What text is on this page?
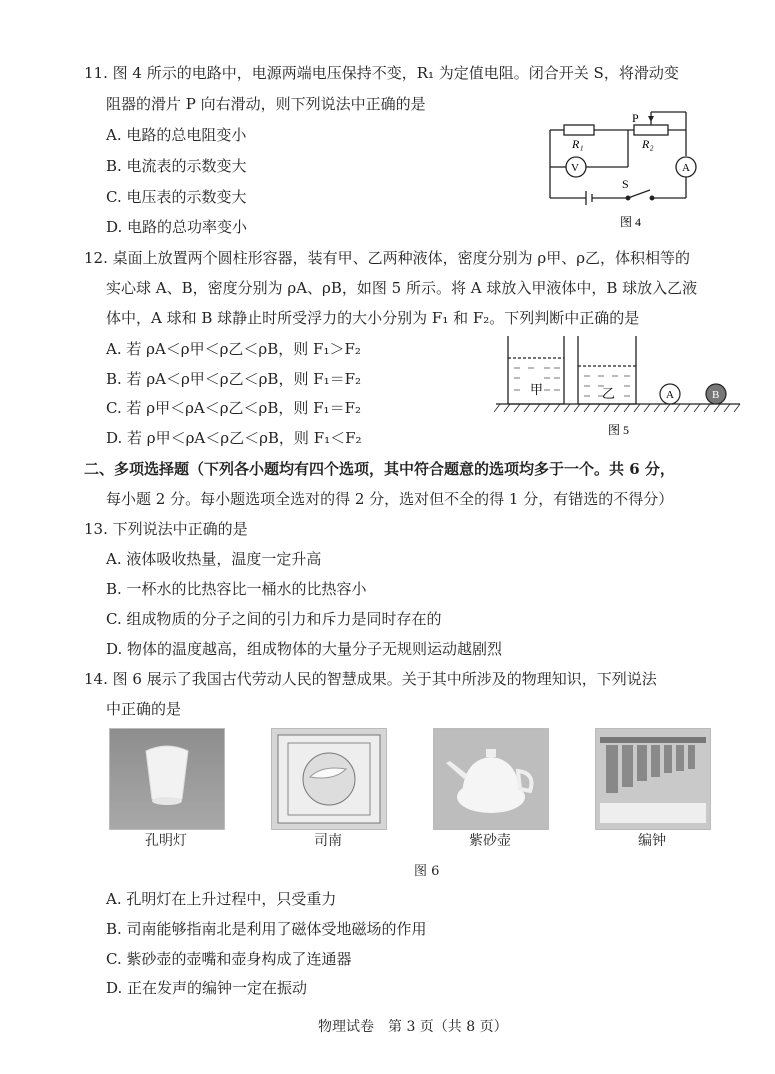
11. 图 4 所示的电路中，电源两端电压保持不变，R₁ 为定值电阻。闭合开关 S，将滑动变
阻器的滑片 P 向右滑动，则下列说法中正确的是
A. 电路的总电阻变小
B. 电流表的示数变大
C. 电压表的示数变大
D. 电路的总功率变小
P
R₁	R₂
V	A
S
图 4
12. 桌面上放置两个圆柱形容器，装有甲、乙两种液体，密度分别为 ρ甲、ρ乙，体积相等的
实心球 A、B，密度分别为 ρA、ρB，如图 5 所示。将 A 球放入甲液体中，B 球放入乙液
体中，A 球和 B 球静止时所受浮力的大小分别为 F₁ 和 F₂。下列判断中正确的是
A. 若 ρA＜ρ甲＜ρ乙＜ρB，则 F₁＞F₂
B. 若 ρA＜ρ甲＜ρ乙＜ρB，则 F₁＝F₂
C. 若 ρ甲＜ρA＜ρ乙＜ρB，则 F₁＝F₂
D. 若 ρ甲＜ρA＜ρ乙＜ρB，则 F₁＜F₂
甲	乙	A	B
图 5
二、多项选择题（下列各小题均有四个选项，其中符合题意的选项均多于一个。共 6 分，
每小题 2 分。每小题选项全选对的得 2 分，选对但不全的得 1 分，有错选的不得分）
13. 下列说法中正确的是
A. 液体吸收热量，温度一定升高
B. 一杯水的比热容比一桶水的比热容小
C. 组成物质的分子之间的引力和斥力是同时存在的
D. 物体的温度越高，组成物体的大量分子无规则运动越剧烈
14. 图 6 展示了我国古代劳动人民的智慧成果。关于其中所涉及的物理知识，下列说法
中正确的是
孔明灯	司南	紫砂壶	编钟
图 6
A. 孔明灯在上升过程中，只受重力
B. 司南能够指南北是利用了磁体受地磁场的作用
C. 紫砂壶的壶嘴和壶身构成了连通器
D. 正在发声的编钟一定在振动
物理试卷　第 3 页（共 8 页）
